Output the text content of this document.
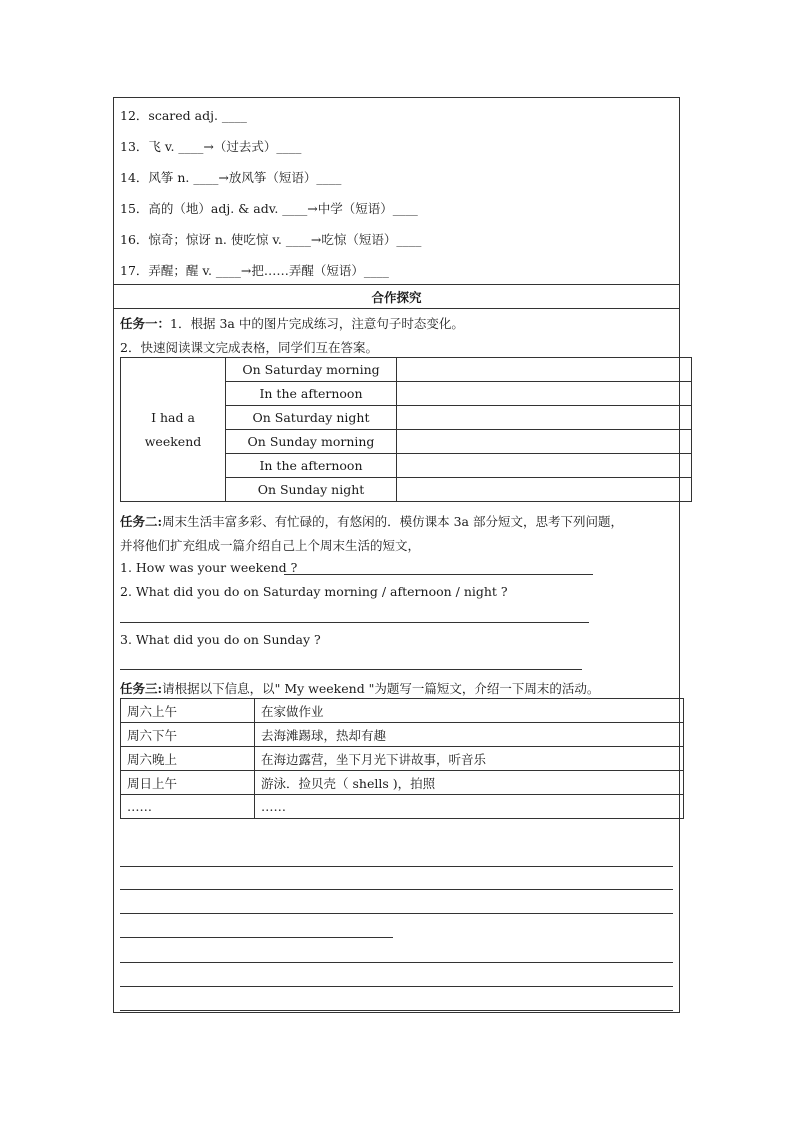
12．scared adj. ____
13．飞 v. ____→（过去式）____
14．风筝 n. ____→放风筝（短语）____
15．高的（地）adj. & adv. ____→中学（短语）____
16．惊奇；惊讶 n. 使吃惊 v. ____→吃惊（短语）____
17．弄醒；醒 v. ____→把……弄醒（短语）____
合作探究
任务一：1．根据 3a 中的图片完成练习，注意句子时态变化。
2．快速阅读课文完成表格，同学们互在答案。
I had a
weekend	On Saturday morning	
	In the afternoon	
	On Saturday night	
	On Sunday morning	
	In the afternoon	
	On Sunday night	
任务二:周末生活丰富多彩、有忙碌的，有悠闲的．模仿课本 3a 部分短文，思考下列问题，
并将他们扩充组成一篇介绍自己上个周末生活的短文，
1. How was your weekend ?
2. What did you do on Saturday morning / afternoon / night ?
3. What did you do on Sunday ?
任务三:请根据以下信息，以" My weekend "为题写一篇短文，介绍一下周末的活动。
周六上午	在家做作业
周六下午	去海滩踢球，热却有趣
周六晚上	在海边露营，坐下月光下讲故事，听音乐
周日上午	游泳．捡贝壳（ shells )，拍照
……	……
